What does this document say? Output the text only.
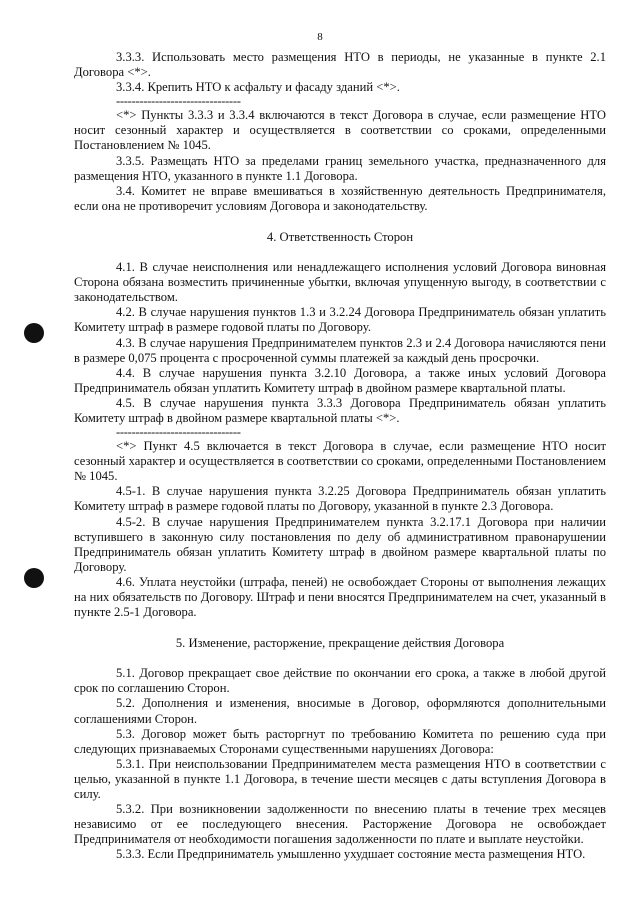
8

3.3.3. Использовать место размещения НТО в периоды, не указанные в пункте 2.1 Договора <*>.

3.3.4. Крепить НТО к асфальту и фасаду зданий <*>.

--------------------------------

<*> Пункты 3.3.3 и 3.3.4 включаются в текст Договора в случае, если размещение НТО носит сезонный характер и осуществляется в соответствии со сроками, определенными Постановлением № 1045.

3.3.5. Размещать НТО за пределами границ земельного участка, предназначенного для размещения НТО, указанного в пункте 1.1 Договора.

3.4. Комитет не вправе вмешиваться в хозяйственную деятельность Предпринимателя, если она не противоречит условиям Договора и законодательству.

4. Ответственность Сторон

4.1. В случае неисполнения или ненадлежащего исполнения условий Договора виновная Сторона обязана возместить причиненные убытки, включая упущенную выгоду, в соответствии с законодательством.

4.2. В случае нарушения пунктов 1.3 и 3.2.24 Договора Предприниматель обязан уплатить Комитету штраф в размере годовой платы по Договору.

4.3. В случае нарушения Предпринимателем пунктов 2.3 и 2.4 Договора начисляются пени в размере 0,075 процента с просроченной суммы платежей за каждый день просрочки.

4.4. В случае нарушения пункта 3.2.10 Договора, а также иных условий Договора Предприниматель обязан уплатить Комитету штраф в двойном размере квартальной платы.

4.5. В случае нарушения пункта 3.3.3 Договора Предприниматель обязан уплатить Комитету штраф в двойном размере квартальной платы <*>.

--------------------------------

<*> Пункт 4.5 включается в текст Договора в случае, если размещение НТО носит сезонный характер и осуществляется в соответствии со сроками, определенными Постановлением № 1045.

4.5-1. В случае нарушения пункта 3.2.25 Договора Предприниматель обязан уплатить Комитету штраф в размере годовой платы по Договору, указанной в пункте 2.3 Договора.

4.5-2. В случае нарушения Предпринимателем пункта 3.2.17.1 Договора при наличии вступившего в законную силу постановления по делу об административном правонарушении Предприниматель обязан уплатить Комитету штраф в двойном размере квартальной платы по Договору.

4.6. Уплата неустойки (штрафа, пеней) не освобождает Стороны от выполнения лежащих на них обязательств по Договору. Штраф и пени вносятся Предпринимателем на счет, указанный в пункте 2.5-1 Договора.

5. Изменение, расторжение, прекращение действия Договора

5.1. Договор прекращает свое действие по окончании его срока, а также в любой другой срок по соглашению Сторон.

5.2. Дополнения и изменения, вносимые в Договор, оформляются дополнительными соглашениями Сторон.

5.3. Договор может быть расторгнут по требованию Комитета по решению суда при следующих признаваемых Сторонами существенными нарушениях Договора:

5.3.1. При неиспользовании Предпринимателем места размещения НТО в соответствии с целью, указанной в пункте 1.1 Договора, в течение шести месяцев с даты вступления Договора в силу.

5.3.2. При возникновении задолженности по внесению платы в течение трех месяцев независимо от ее последующего внесения. Расторжение Договора не освобождает Предпринимателя от необходимости погашения задолженности по плате и выплате неустойки.

5.3.3. Если Предприниматель умышленно ухудшает состояние места размещения НТО.
